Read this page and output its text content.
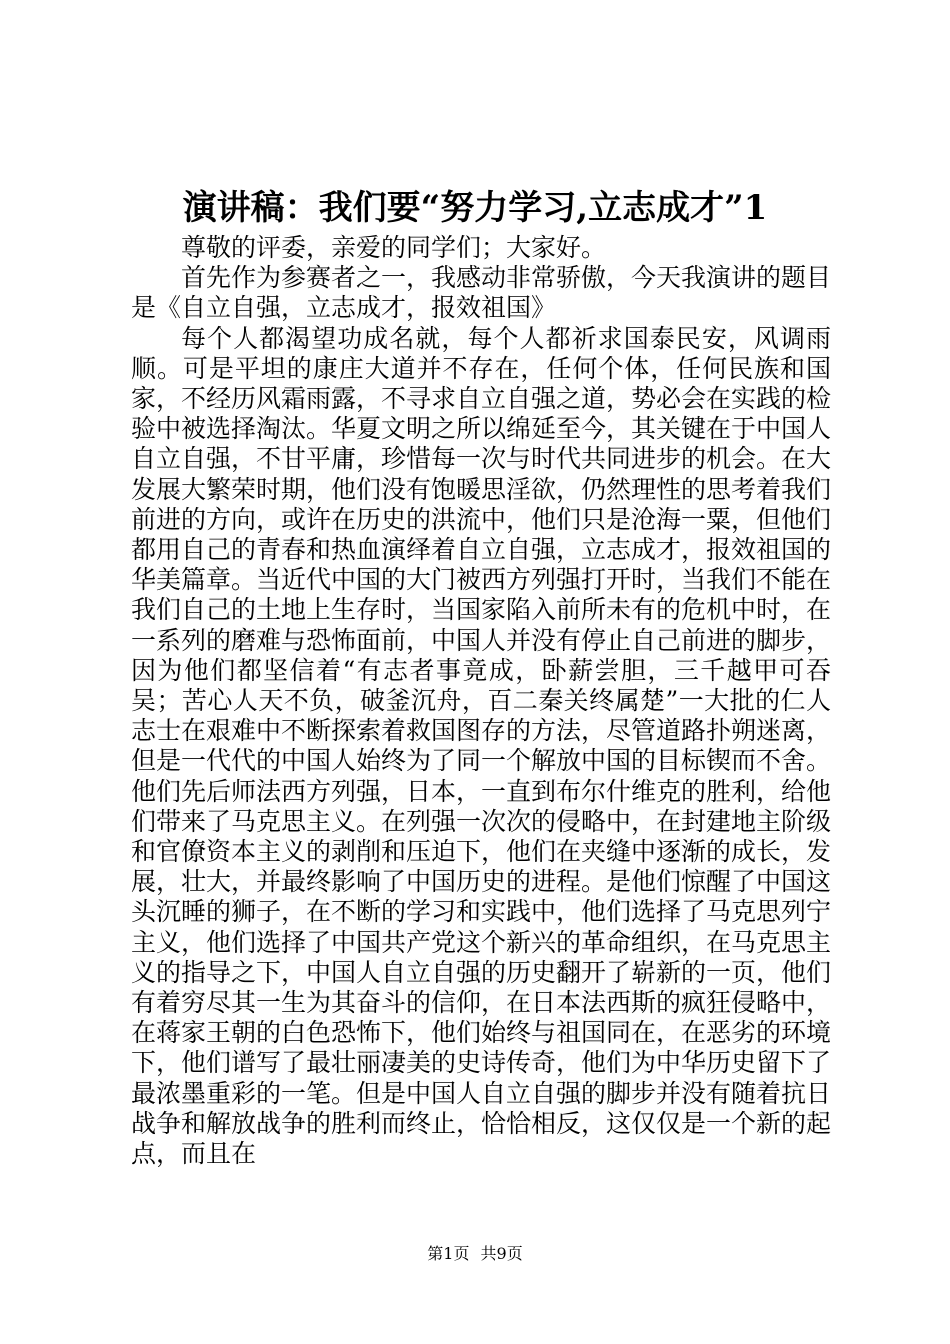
演讲稿：我们要“努力学习,立志成才”1

尊敬的评委，亲爱的同学们；大家好。

首先作为参赛者之一，我感动非常骄傲，今天我演讲的题目是《自立自强，立志成才，报效祖国》

每个人都渴望功成名就，每个人都祈求国泰民安，风调雨顺。可是平坦的康庄大道并不存在，任何个体，任何民族和国家，不经历风霜雨露，不寻求自立自强之道，势必会在实践的检验中被选择淘汰。华夏文明之所以绵延至今，其关键在于中国人自立自强，不甘平庸，珍惜每一次与时代共同进步的机会。在大发展大繁荣时期，他们没有饱暖思淫欲，仍然理性的思考着我们前进的方向，或许在历史的洪流中，他们只是沧海一粟，但他们都用自己的青春和热血演绎着自立自强，立志成才，报效祖国的华美篇章。当近代中国的大门被西方列强打开时，当我们不能在我们自己的土地上生存时，当国家陷入前所未有的危机中时，在一系列的磨难与恐怖面前，中国人并没有停止自己前进的脚步，因为他们都坚信着“有志者事竟成，卧薪尝胆，三千越甲可吞吴；苦心人天不负，破釜沉舟，百二秦关终属楚”一大批的仁人志士在艰难中不断探索着救国图存的方法，尽管道路扑朔迷离，但是一代代的中国人始终为了同一个解放中国的目标锲而不舍。他们先后师法西方列强，日本，一直到布尔什维克的胜利，给他们带来了马克思主义。在列强一次次的侵略中，在封建地主阶级和官僚资本主义的剥削和压迫下，他们在夹缝中逐渐的成长，发展，壮大，并最终影响了中国历史的进程。是他们惊醒了中国这头沉睡的狮子，在不断的学习和实践中，他们选择了马克思列宁主义，他们选择了中国共产党这个新兴的革命组织，在马克思主义的指导之下，中国人自立自强的历史翻开了崭新的一页，他们有着穷尽其一生为其奋斗的信仰，在日本法西斯的疯狂侵略中，在蒋家王朝的白色恐怖下，他们始终与祖国同在，在恶劣的环境下，他们谱写了最壮丽凄美的史诗传奇，他们为中华历史留下了最浓墨重彩的一笔。但是中国人自立自强的脚步并没有随着抗日战争和解放战争的胜利而终止，恰恰相反，这仅仅是一个新的起点，而且在

第1页 共9页
